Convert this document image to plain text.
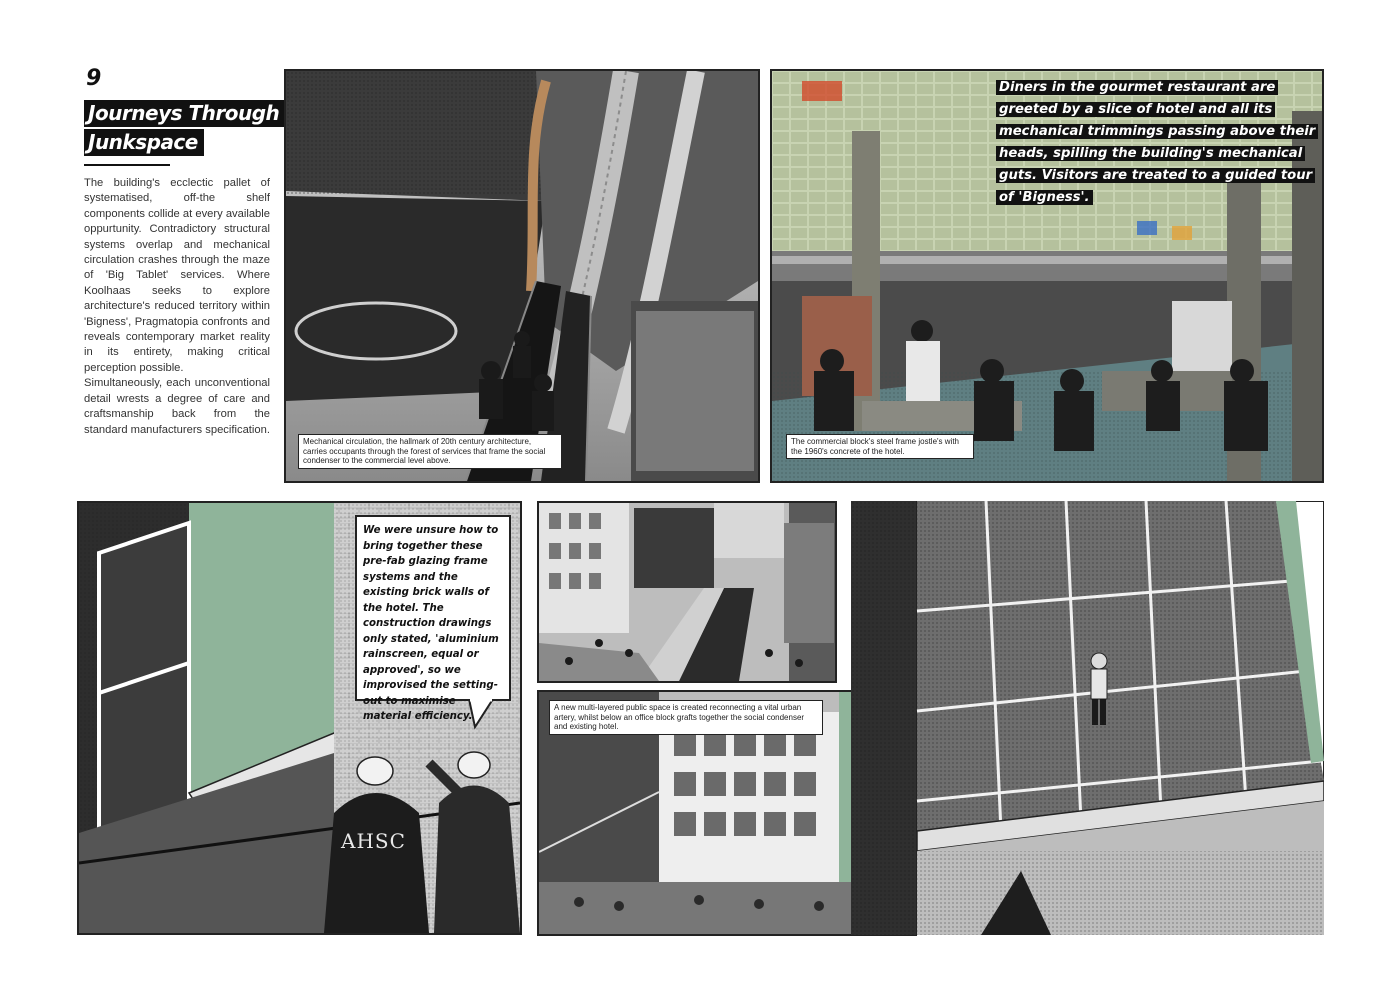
9
Journeys Through
Junkspace

The building's ecclectic pallet of systematised, off-the shelf components collide at every available oppurtunity. Contradictory structural systems overlap and mechanical circulation crashes through the maze of 'Big Tablet' services. Where Koolhaas seeks to explore architecture's reduced territory within 'Bigness', Pragmatopia confronts and reveals contemporary market reality in its entirety, making critical perception possible.

Simultaneously, each unconventional detail wrests a degree of care and craftsmanship back from the standard manufacturers specification.

Mechanical circulation, the hallmark of 20th century architecture, carries occupants through the forest of services that frame the social condenser to the commercial level above.
Diners in the gourmet restaurant are greeted by a slice of hotel and all its mechanical trimmings passing above their heads, spilling the building's mechanical guts. Visitors are treated to a guided tour of 'Bigness'.
The commercial block's steel frame jostle's with the 1960's concrete of the hotel.
AHSC
We were unsure how to bring together these pre-fab glazing frame systems and the existing brick walls of the hotel. The construction drawings only stated, 'aluminium rainscreen, equal or approved', so we improvised the setting-out to maximise material efficiency.
A new multi-layered public space is created reconnecting a vital urban artery, whilst below an office block grafts together the social condenser and existing hotel.
